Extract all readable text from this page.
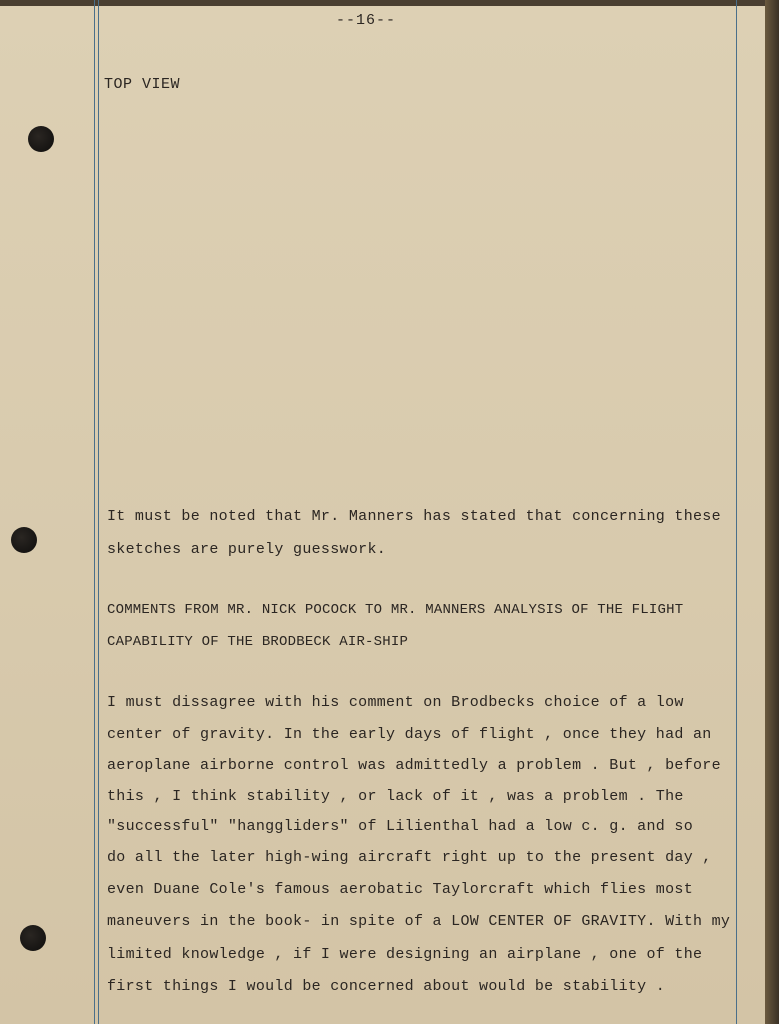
--16--
TOP VIEW
It must be noted that Mr. Manners has stated that concerning these
sketches are purely guesswork.
COMMENTS FROM MR. NICK POCOCK TO MR. MANNERS ANALYSIS OF THE FLIGHT
CAPABILITY OF THE BRODBECK AIR-SHIP
I must dissagree with his comment on Brodbecks choice of a low
center of gravity. In the early days of flight , once they had an
aeroplane airborne control was admittedly a problem . But , before
this , I think stability , or lack of it , was a problem . The
"successful" "hanggliders" of Lilienthal had a low c. g. and so
do all the later high-wing aircraft right up to the present day ,
even Duane Cole's famous aerobatic Taylorcraft which flies most
maneuvers in the book- in spite of a LOW CENTER OF GRAVITY. With my
limited knowledge , if I were designing an airplane , one of the
first things I would be concerned about would be stability .
